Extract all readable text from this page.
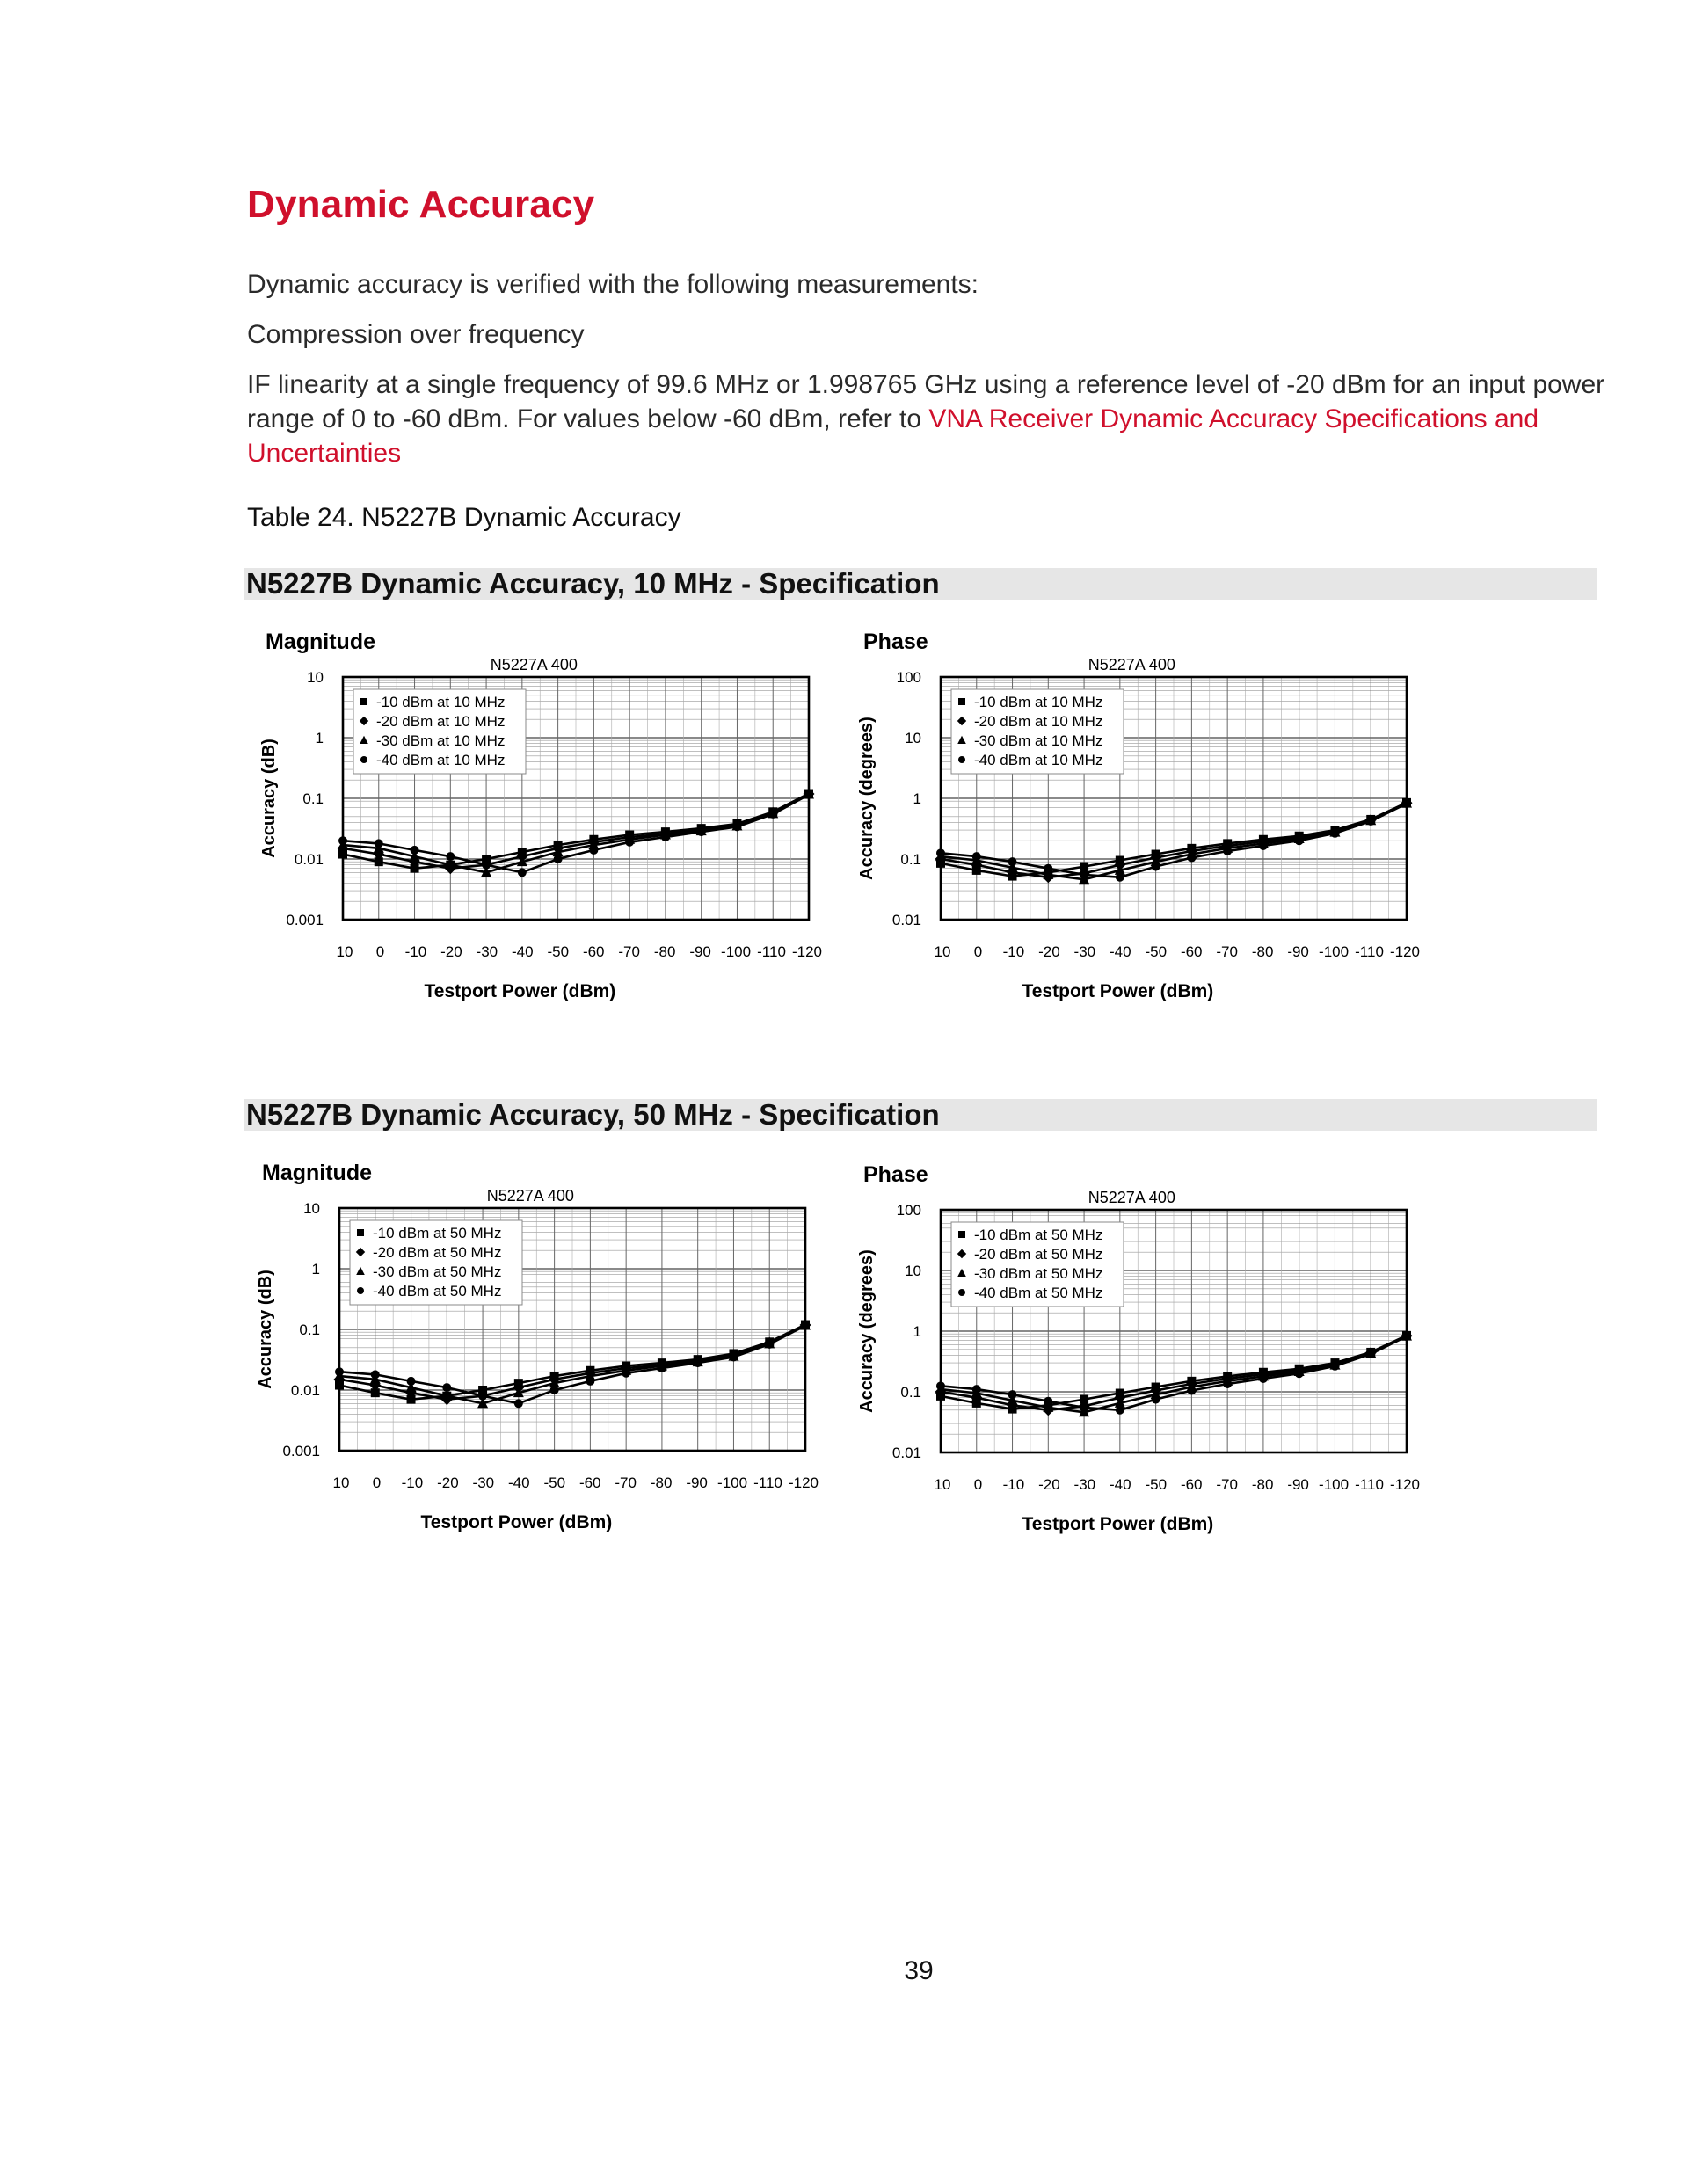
Dynamic Accuracy

Dynamic accuracy is verified with the following measurements:

Compression over frequency

IF linearity at a single frequency of 99.6 MHz or 1.998765 GHz using a reference level of -20 dBm for an input power range of 0 to -60 dBm. For values below -60 dBm, refer to VNA Receiver Dynamic Accuracy Specifications and Uncertainties

Table 24. N5227B Dynamic Accuracy

N5227B Dynamic Accuracy, 10 MHz - Specification
N5227B Dynamic Accuracy, 50 MHz - Specification
Magnitude
N5227A 400
10
1
0.1
0.01
0.001
10 0 -10 -20 -30 -40 -50 -60 -70 -80 -90 -100 -110 -120
Testport Power (dBm)
Accuracy (dB)
-10 dBm at 10 MHz
-20 dBm at 10 MHz
-30 dBm at 10 MHz
-40 dBm at 10 MHz
Phase
N5227A 400
100
10
1
0.1
0.01
10 0 -10 -20 -30 -40 -50 -60 -70 -80 -90 -100 -110 -120
Testport Power (dBm)
Accuracy (degrees)
-10 dBm at 10 MHz
-20 dBm at 10 MHz
-30 dBm at 10 MHz
-40 dBm at 10 MHz
Magnitude
N5227A 400
10
1
0.1
0.01
0.001
10 0 -10 -20 -30 -40 -50 -60 -70 -80 -90 -100 -110 -120
Testport Power (dBm)
Accuracy (dB)
-10 dBm at 50 MHz
-20 dBm at 50 MHz
-30 dBm at 50 MHz
-40 dBm at 50 MHz
Phase
N5227A 400
100
10
1
0.1
0.01
10 0 -10 -20 -30 -40 -50 -60 -70 -80 -90 -100 -110 -120
Testport Power (dBm)
Accuracy (degrees)
-10 dBm at 50 MHz
-20 dBm at 50 MHz
-30 dBm at 50 MHz
-40 dBm at 50 MHz
39
